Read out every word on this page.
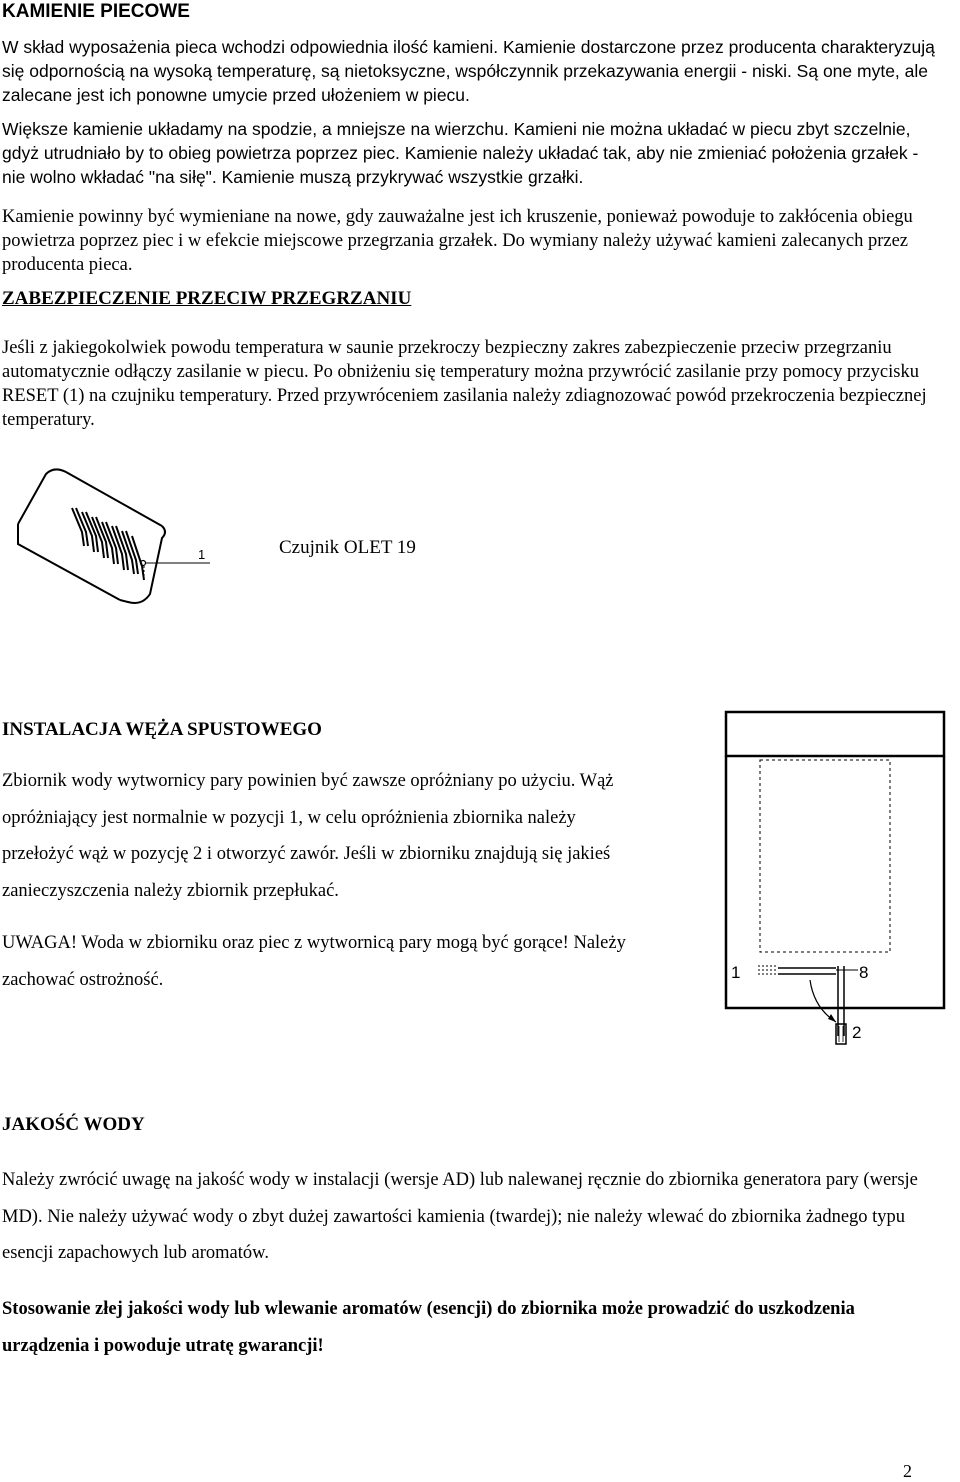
KAMIENIE PIECOWE

W skład wyposażenia pieca wchodzi odpowiednia ilość kamieni. Kamienie dostarczone przez producenta charakteryzują się odpornością na wysoką temperaturę, są nietoksyczne, współczynnik przekazywania energii - niski. Są one myte, ale zalecane jest ich ponowne umycie przed ułożeniem w piecu.

Większe kamienie układamy na spodzie, a mniejsze na wierzchu. Kamieni nie można układać w piecu zbyt szczelnie, gdyż utrudniało by to obieg powietrza poprzez piec. Kamienie należy układać tak, aby nie zmieniać położenia grzałek - nie wolno wkładać "na siłę". Kamienie muszą przykrywać wszystkie grzałki.

Kamienie powinny być wymieniane na nowe, gdy zauważalne jest ich kruszenie, ponieważ powoduje to zakłócenia obiegu powietrza poprzez piec i w efekcie miejscowe przegrzania grzałek. Do wymiany należy używać kamieni zalecanych przez producenta pieca.

ZABEZPIECZENIE PRZECIW PRZEGRZANIU

Jeśli z jakiegokolwiek powodu temperatura w saunie przekroczy bezpieczny zakres zabezpieczenie przeciw przegrzaniu automatycznie odłączy zasilanie w piecu. Po obniżeniu się temperatury można przywrócić zasilanie przy pomocy przycisku RESET (1) na czujniku temperatury. Przed przywróceniem zasilania należy zdiagnozować powód przekroczenia bezpiecznej temperatury.

1	Czujnik OLET 19
INSTALACJA WĘŻA SPUSTOWEGO

Zbiornik wody wytwornicy pary powinien być zawsze opróżniany po użyciu. Wąż opróżniający jest normalnie w pozycji 1, w celu opróżnienia zbiornika należy przełożyć wąż w pozycję 2 i otworzyć zawór. Jeśli w zbiorniku znajdują się jakieś zanieczyszczenia należy zbiornik przepłukać.

UWAGA! Woda w zbiorniku oraz piec z wytwornicą pary mogą być gorące! Należy zachować ostrożność.	1	8
2
JAKOŚĆ WODY

Należy zwrócić uwagę na jakość wody w instalacji (wersje AD) lub nalewanej ręcznie do zbiornika generatora pary (wersje MD). Nie należy używać wody o zbyt dużej zawartości kamienia (twardej); nie należy wlewać do zbiornika żadnego typu esencji zapachowych lub aromatów.

Stosowanie złej jakości wody lub wlewanie aromatów (esencji) do zbiornika może prowadzić do uszkodzenia urządzenia i powoduje utratę gwarancji!

2
